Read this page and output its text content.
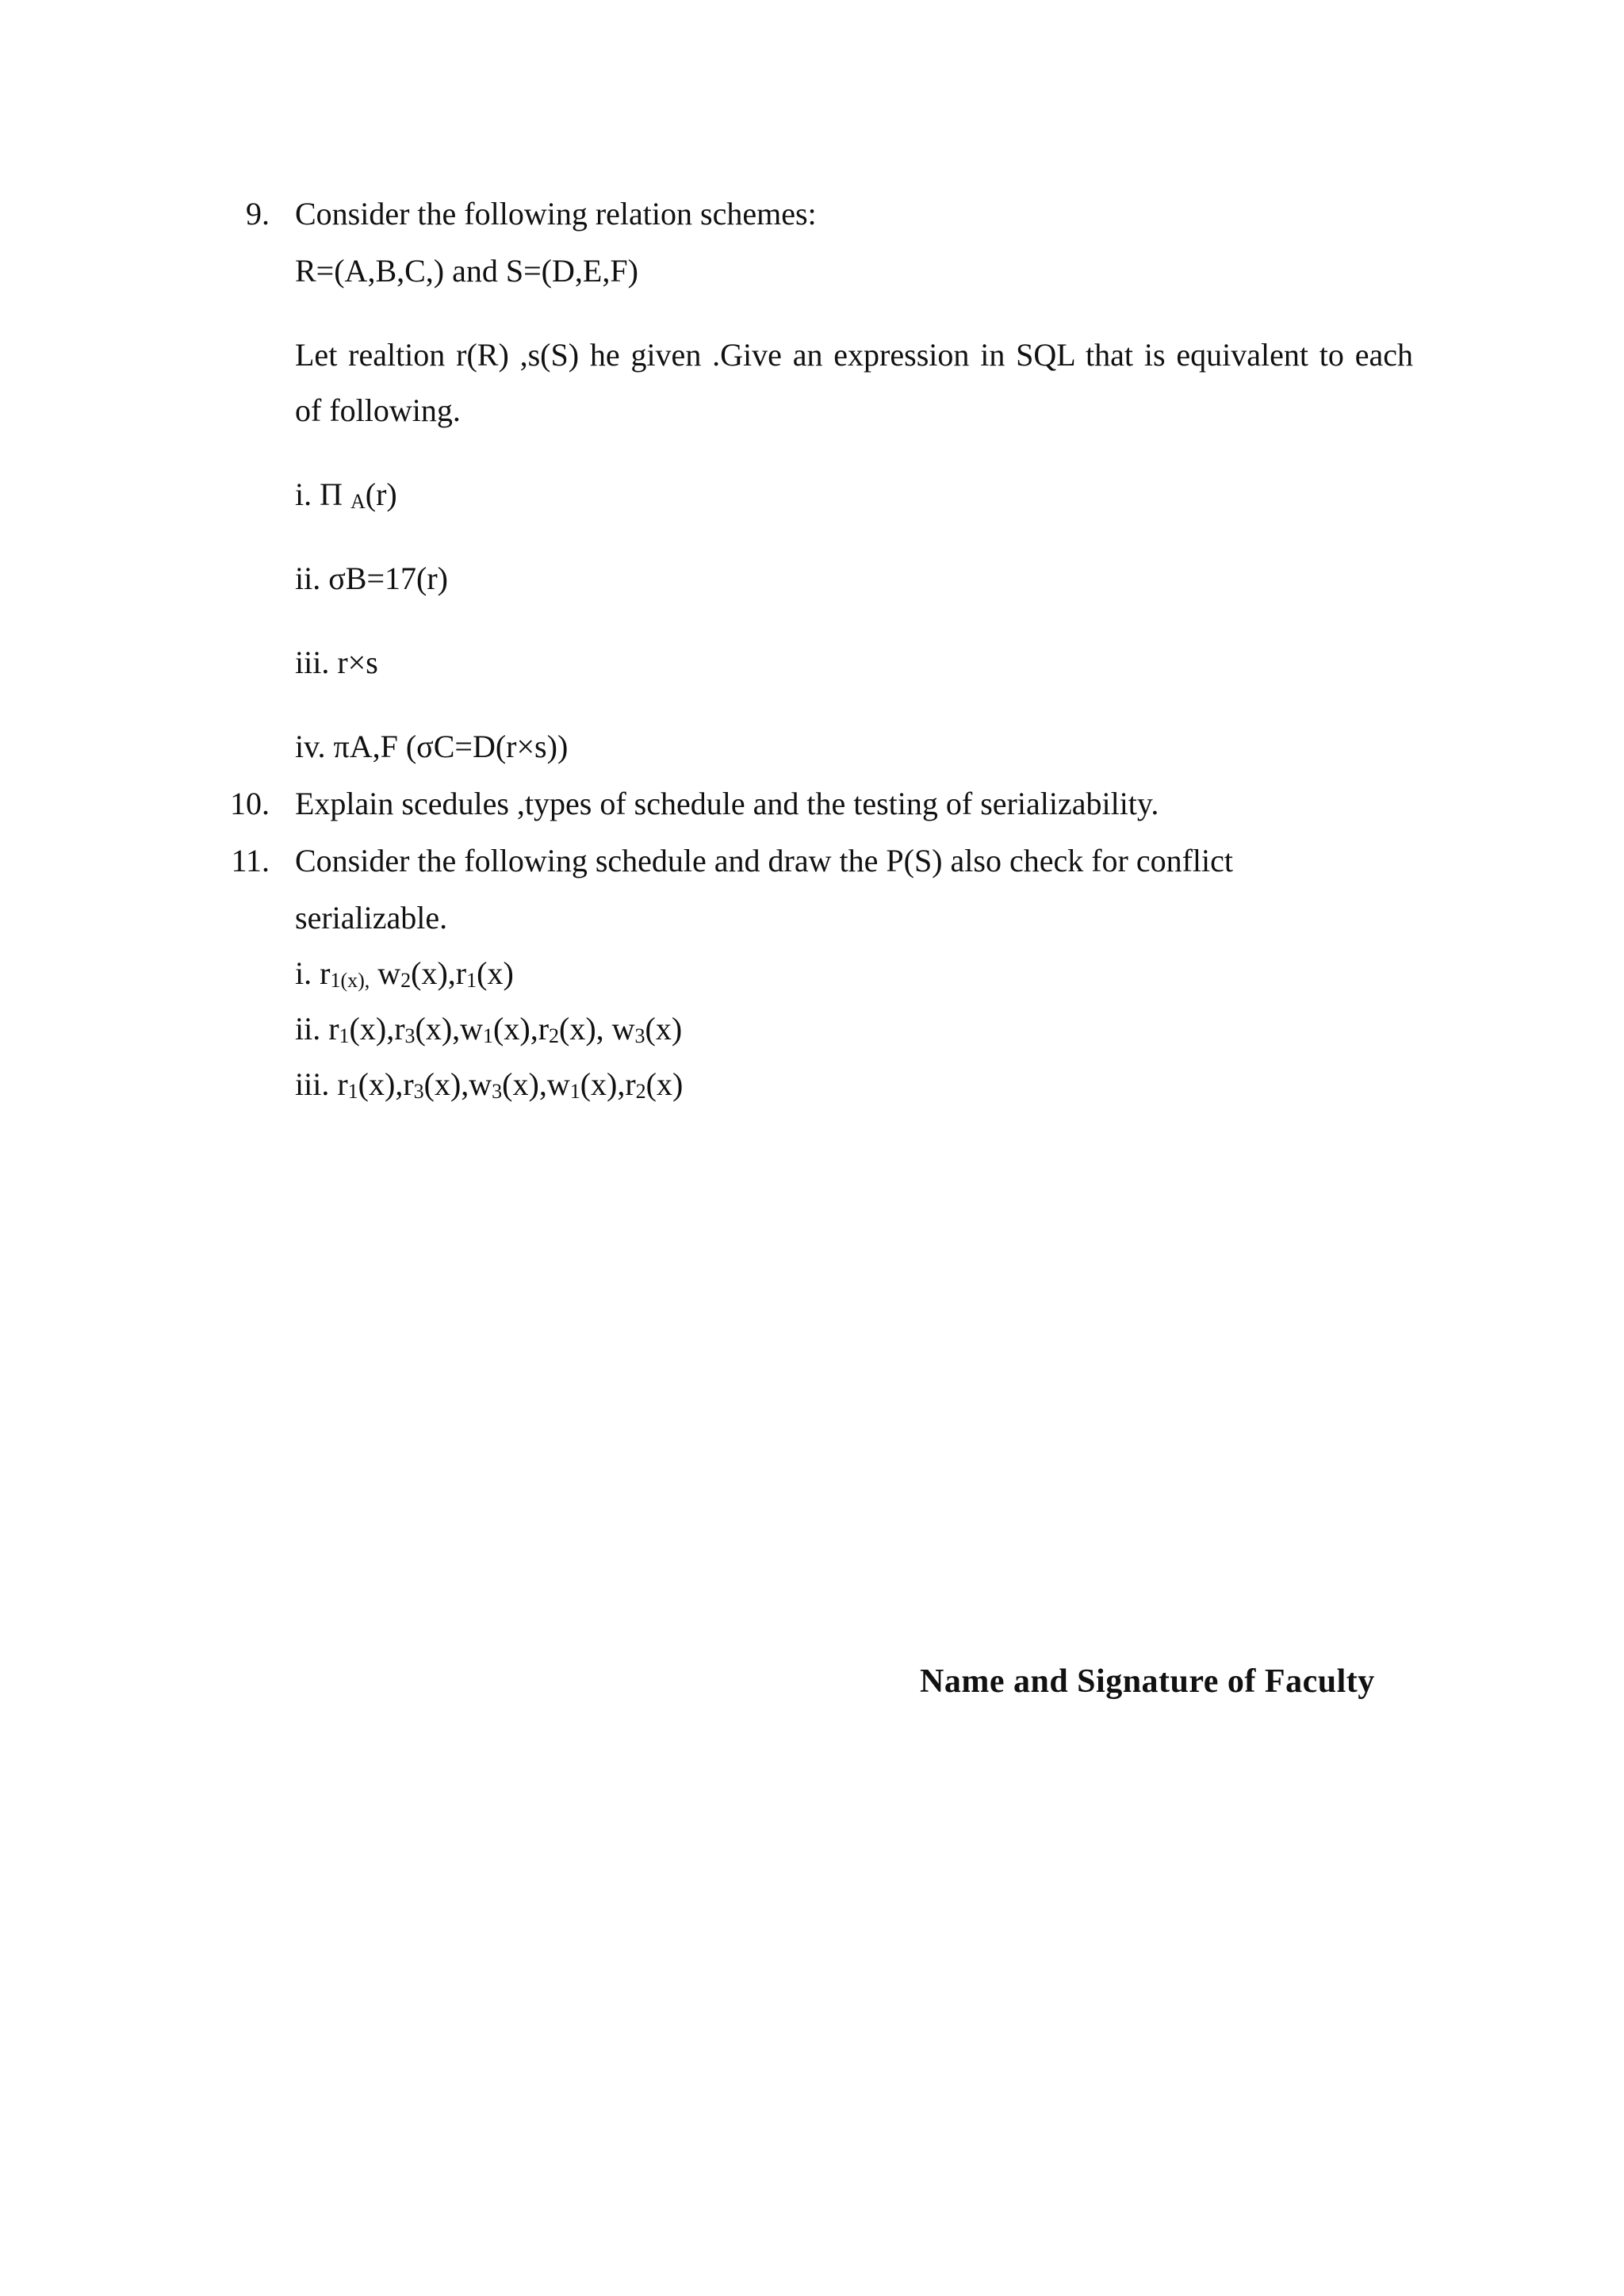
9. Consider the following relation schemes:
R=(A,B,C,) and S=(D,E,F)
Let realtion r(R) ,s(S) he given .Give an expression in SQL that is equivalent to each
of following.
i. Π $_A$(r)
ii. σB=17(r)
iii. r×s
iv. πA,F (σC=D(r×s))
10. Explain scedules ,types of schedule and the testing of serializability.
11. Consider the following schedule and draw the P(S) also check for conflict
serializable.
i. $r_{1(x),}$ $w_2(x),r_1(x)$
ii. $r_1(x),r_3(x),w_1(x),r_2(x)$, $w_3(x)$
iii. $r_1(x),r_3(x),w_3(x),w_1(x),r_2(x)$
Name and Signature of Faculty
